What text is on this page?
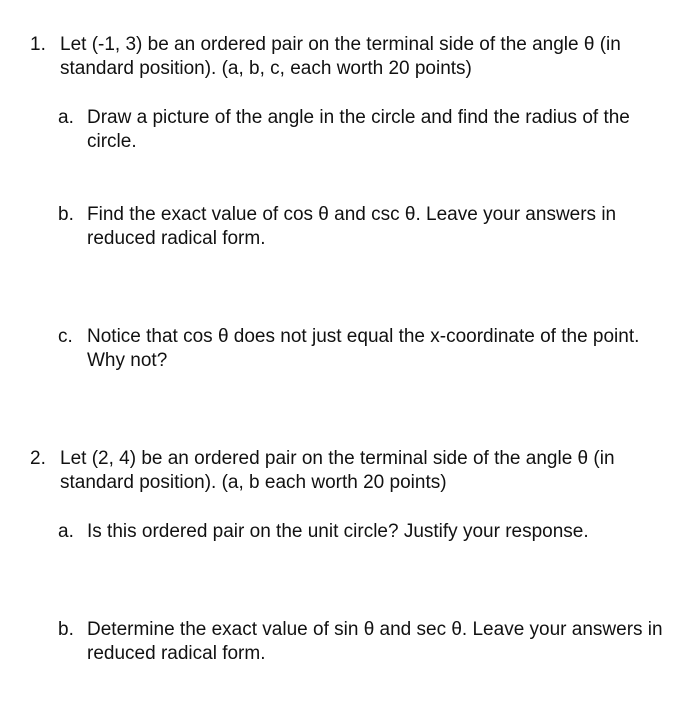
1. Let (-1, 3) be an ordered pair on the terminal side of the angle θ (in standard position). (a, b, c, each worth 20 points)
a. Draw a picture of the angle in the circle and find the radius of the circle.
b. Find the exact value of cos θ and csc θ. Leave your answers in reduced radical form.
c. Notice that cos θ does not just equal the x-coordinate of the point. Why not?
2. Let (2, 4) be an ordered pair on the terminal side of the angle θ (in standard position). (a, b each worth 20 points)
a. Is this ordered pair on the unit circle? Justify your response.
b. Determine the exact value of sin θ and sec θ. Leave your answers in reduced radical form.
